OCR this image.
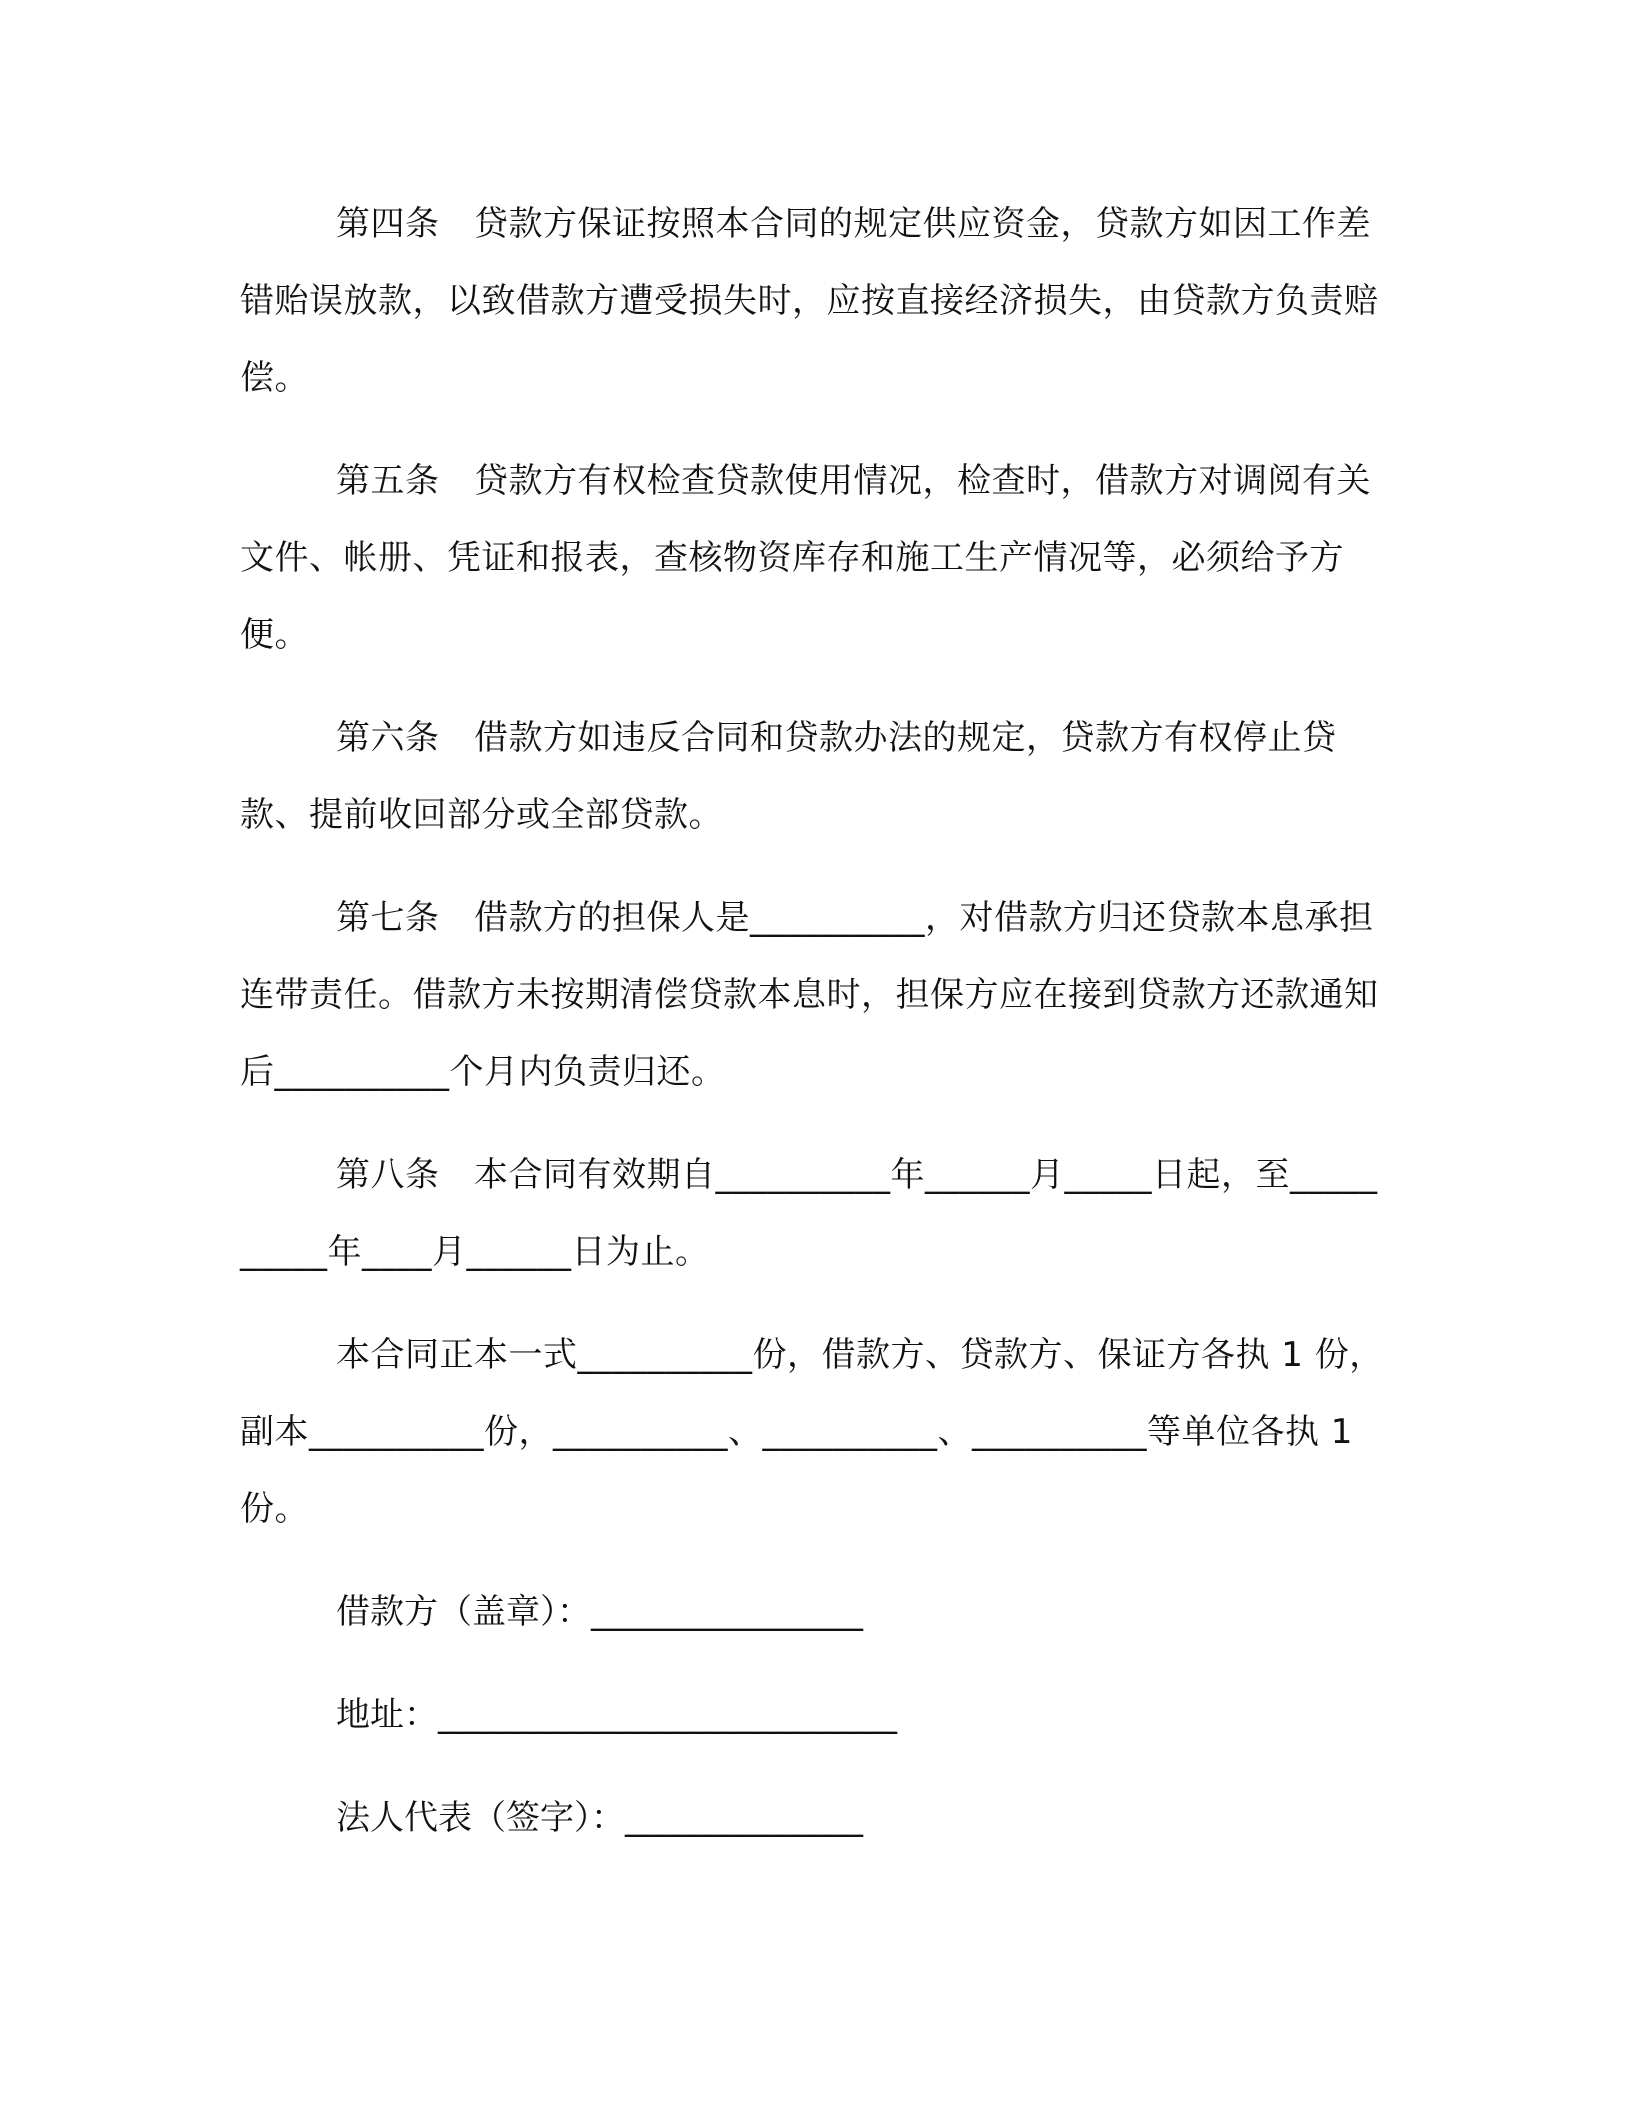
第四条　贷款方保证按照本合同的规定供应资金，贷款方如因工作差错贻误放款，以致借款方遭受损失时，应按直接经济损失，由贷款方负责赔偿。

第五条　贷款方有权检查贷款使用情况，检查时，借款方对调阅有关文件、帐册、凭证和报表，查核物资库存和施工生产情况等，必须给予方便。

第六条　借款方如违反合同和贷款办法的规定，贷款方有权停止贷款、提前收回部分或全部贷款。

第七条　借款方的担保人是__________，对借款方归还贷款本息承担连带责任。借款方未按期清偿贷款本息时，担保方应在接到贷款方还款通知后__________个月内负责归还。

第八条　本合同有效期自__________年______月_____日起，至__________年____月______日为止。

本合同正本一式__________份，借款方、贷款方、保证方各执 1 份，副本__________份，__________、__________、__________等单位各执 1 份。

借款方（盖章）：________________

地址：___________________________

法人代表（签字）：______________
